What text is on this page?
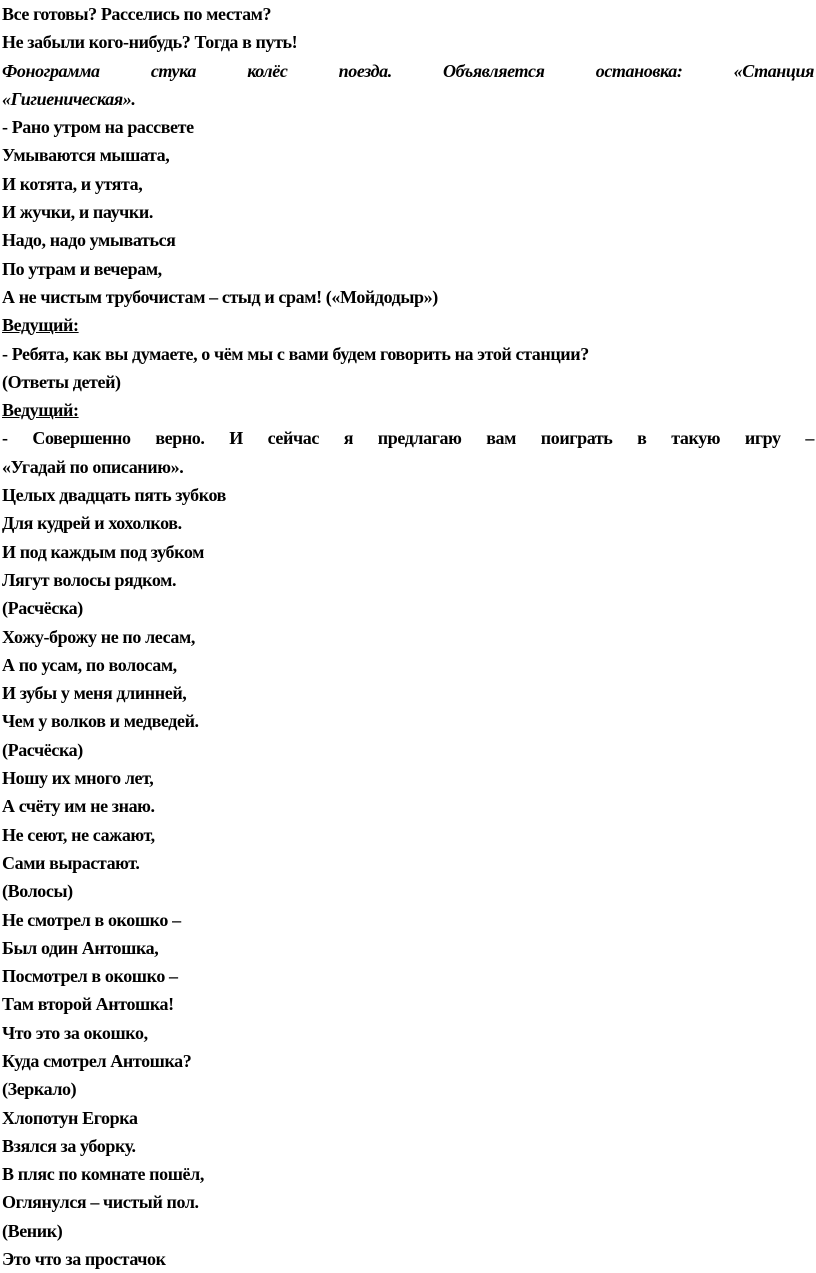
Все готовы? Расселись по местам?
Не забыли кого-нибудь? Тогда в путь!
Фонограмма стука колёс поезда. Объявляется остановка: «Станция
«Гигиеническая».
- Рано утром на рассвете
Умываются мышата,
И котята, и утята,
И жучки, и паучки.
Надо, надо умываться
По утрам и вечерам,
А не чистым трубочистам – стыд и срам! («Мойдодыр»)
Ведущий:
- Ребята, как вы думаете, о чём мы с вами будем говорить на этой станции?
(Ответы детей)
Ведущий:
- Совершенно верно. И сейчас я предлагаю вам поиграть в такую игру –
«Угадай по описанию».
Целых двадцать пять зубков
Для кудрей и хохолков.
И под каждым под зубком
Лягут волосы рядком.
(Расчёска)
Хожу-брожу не по лесам,
А по усам, по волосам,
И зубы у меня длинней,
Чем у волков и медведей.
(Расчёска)
Ношу их много лет,
А счёту им не знаю.
Не сеют, не сажают,
Сами вырастают.
(Волосы)
Не смотрел в окошко –
Был один Антошка,
Посмотрел в окошко –
Там второй Антошка!
Что это за окошко,
Куда смотрел Антошка?
(Зеркало)
Хлопотун Егорка
Взялся за уборку.
В пляс по комнате пошёл,
Оглянулся – чистый пол.
(Веник)
Это что за простачок
